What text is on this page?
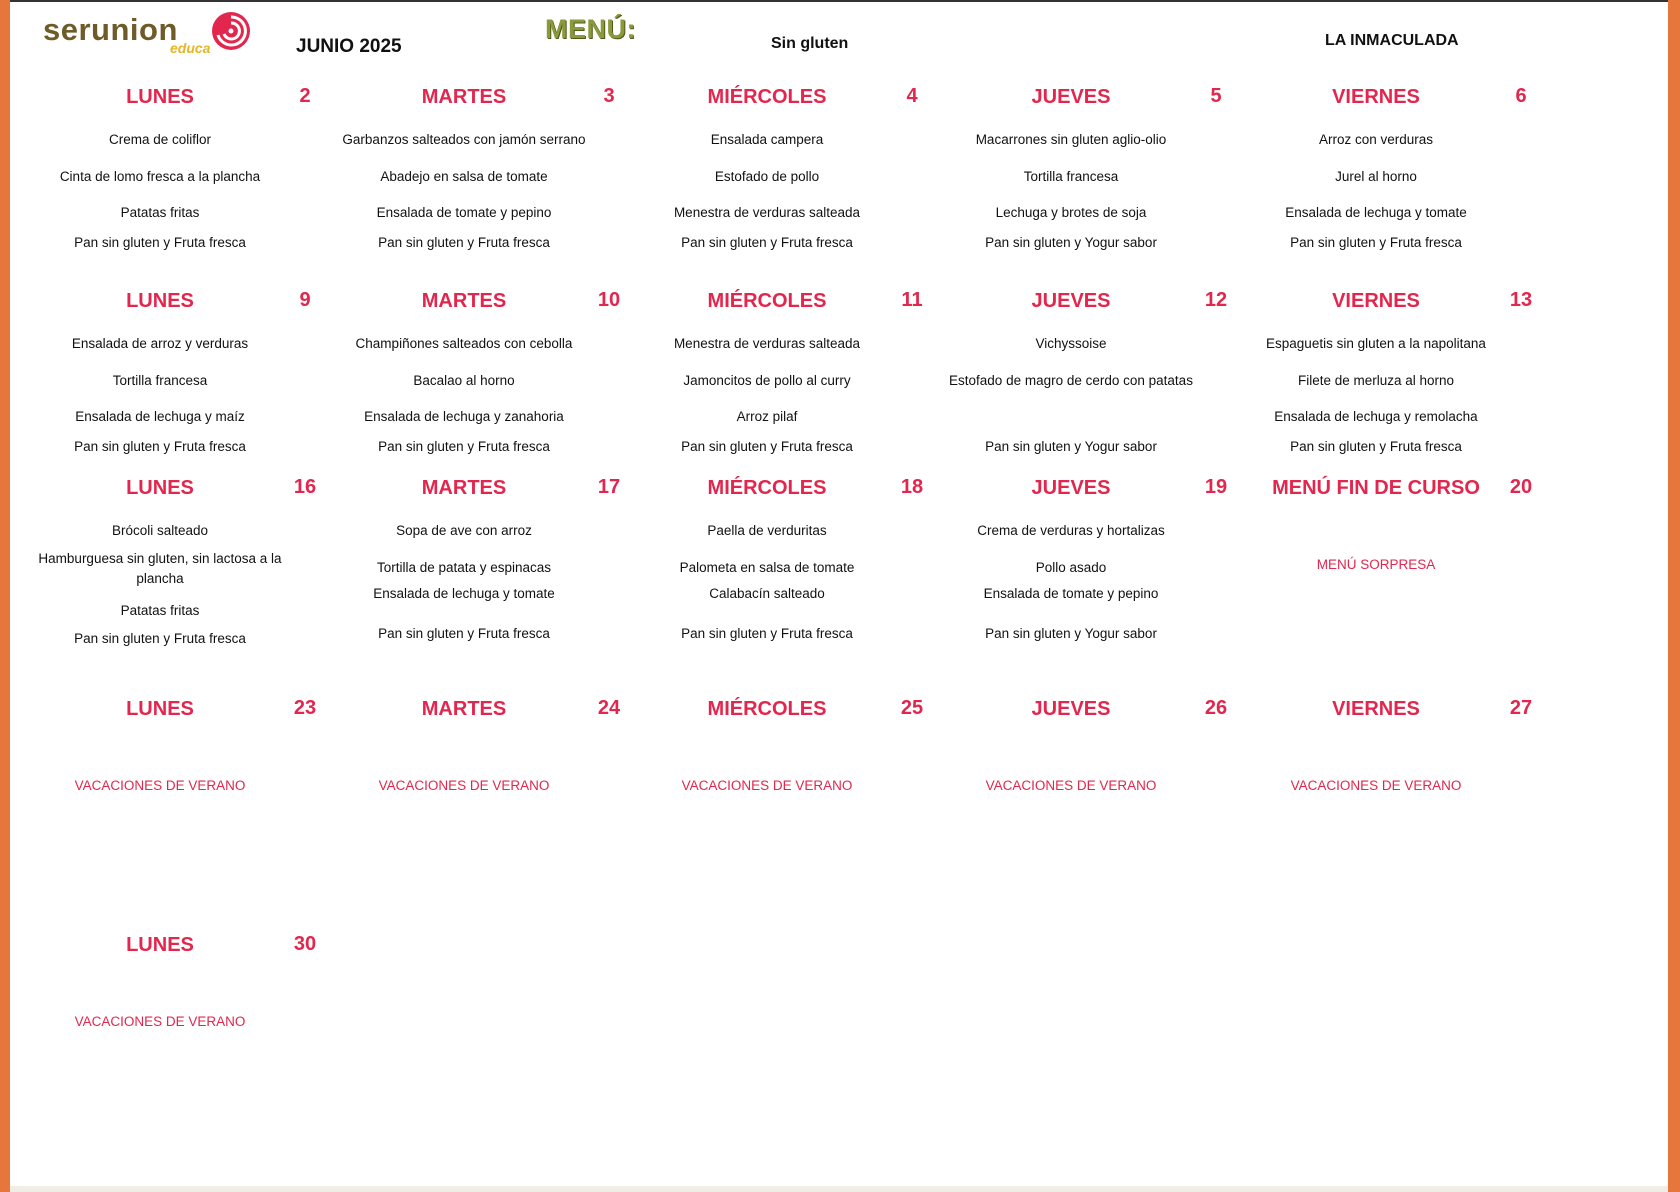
serunion
educa	JUNIO 2025
MENÚ:	Sin gluten	LA INMACULADA
LUNES	2
Crema de coliflor
Cinta de lomo fresca a la plancha
Patatas fritas
Pan sin gluten y Fruta fresca
MARTES	3
Garbanzos salteados con jamón serrano
Abadejo en salsa de tomate
Ensalada de tomate y pepino
Pan sin gluten y Fruta fresca
MIÉRCOLES	4
Ensalada campera
Estofado de pollo
Menestra de verduras salteada
Pan sin gluten y Fruta fresca
JUEVES	5
Macarrones sin gluten aglio-olio
Tortilla francesa
Lechuga y brotes de soja
Pan sin gluten y Yogur sabor
VIERNES	6
Arroz con verduras
Jurel al horno
Ensalada de lechuga y tomate
Pan sin gluten y Fruta fresca
LUNES	9
Ensalada de arroz y verduras
Tortilla francesa
Ensalada de lechuga y maíz
Pan sin gluten y Fruta fresca
MARTES	10
Champiñones salteados con cebolla
Bacalao al horno
Ensalada de lechuga y zanahoria
Pan sin gluten y Fruta fresca
MIÉRCOLES	11
Menestra de verduras salteada
Jamoncitos de pollo al curry
Arroz pilaf
Pan sin gluten y Fruta fresca
JUEVES	12
Vichyssoise
Estofado de magro de cerdo con patatas
Pan sin gluten y Yogur sabor
VIERNES	13
Espaguetis sin gluten a la napolitana
Filete de merluza al horno
Ensalada de lechuga y remolacha
Pan sin gluten y Fruta fresca
LUNES	16
Brócoli salteado
Hamburguesa sin gluten, sin lactosa a la plancha
Patatas fritas
Pan sin gluten y Fruta fresca
MARTES	17
Sopa de ave con arroz
Tortilla de patata y espinacas
Ensalada de lechuga y tomate
Pan sin gluten y Fruta fresca
MIÉRCOLES	18
Paella de verduritas
Palometa en salsa de tomate
Calabacín salteado
Pan sin gluten y Fruta fresca
JUEVES	19
Crema de verduras y hortalizas
Pollo asado
Ensalada de tomate y pepino
Pan sin gluten y Yogur sabor
MENÚ FIN DE CURSO	20
MENÚ SORPRESA
LUNES	23
VACACIONES DE VERANO
MARTES	24
VACACIONES DE VERANO
MIÉRCOLES	25
VACACIONES DE VERANO
JUEVES	26
VACACIONES DE VERANO
VIERNES	27
VACACIONES DE VERANO
LUNES	30
VACACIONES DE VERANO
